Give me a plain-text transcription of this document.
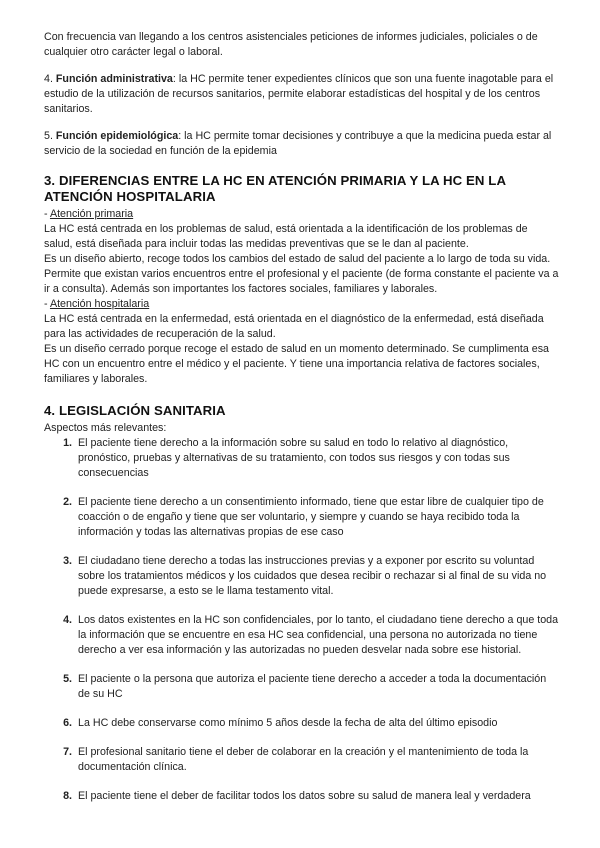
Con frecuencia van llegando a los centros asistenciales peticiones de informes judiciales, policiales o de cualquier otro carácter legal o laboral.

4. Función administrativa: la HC permite tener expedientes clínicos que son una fuente inagotable para el estudio de la utilización de recursos sanitarios, permite elaborar estadísticas del hospital y de los centros sanitarios.

5. Función epidemiológica: la HC permite tomar decisiones y contribuye a que la medicina pueda estar al servicio de la sociedad en función de la epidemia

3. DIFERENCIAS ENTRE LA HC EN ATENCIÓN PRIMARIA Y LA HC EN LA ATENCIÓN HOSPITALARIA

- Atención primaria

La HC está centrada en los problemas de salud, está orientada a la identificación de los problemas de salud, está diseñada para incluir todas las medidas preventivas que se le dan al paciente.

Es un diseño abierto, recoge todos los cambios del estado de salud del paciente a lo largo de toda su vida. Permite que existan varios encuentros entre el profesional y el paciente (de forma constante el paciente va a ir a consulta). Además son importantes los factores sociales, familiares y laborales.

- Atención hospitalaria

La HC está centrada en la enfermedad, está orientada en el diagnóstico de la enfermedad, está diseñada para las actividades de recuperación de la salud.

Es un diseño cerrado porque recoge el estado de salud en un momento determinado. Se cumplimenta esa HC con un encuentro entre el médico y el paciente. Y tiene una importancia relativa de factores sociales, familiares y laborales.

4. LEGISLACIÓN SANITARIA

Aspectos más relevantes:

1. El paciente tiene derecho a la información sobre su salud en todo lo relativo al diagnóstico, pronóstico, pruebas y alternativas de su tratamiento, con todos sus riesgos y con todas sus consecuencias
2. El paciente tiene derecho a un consentimiento informado, tiene que estar libre de cualquier tipo de coacción o de engaño y tiene que ser voluntario, y siempre y cuando se haya recibido toda la información y todas las alternativas propias de ese caso
3. El ciudadano tiene derecho a todas las instrucciones previas y a exponer por escrito su voluntad sobre los tratamientos médicos y los cuidados que desea recibir o rechazar si al final de su vida no puede expresarse, a esto se le llama testamento vital.
4. Los datos existentes en la HC son confidenciales, por lo tanto, el ciudadano tiene derecho a que toda la información que se encuentre en esa HC sea confidencial, una persona no autorizada no tiene derecho a ver esa información y las autorizadas no pueden desvelar nada sobre ese historial.
5. El paciente o la persona que autoriza el paciente tiene derecho a acceder a toda la documentación de su HC
6. La HC debe conservarse como mínimo 5 años desde la fecha de alta del último episodio
7. El profesional sanitario tiene el deber de colaborar en la creación y el mantenimiento de toda la documentación clínica.
8. El paciente tiene el deber de facilitar todos los datos sobre su salud de manera leal y verdadera
